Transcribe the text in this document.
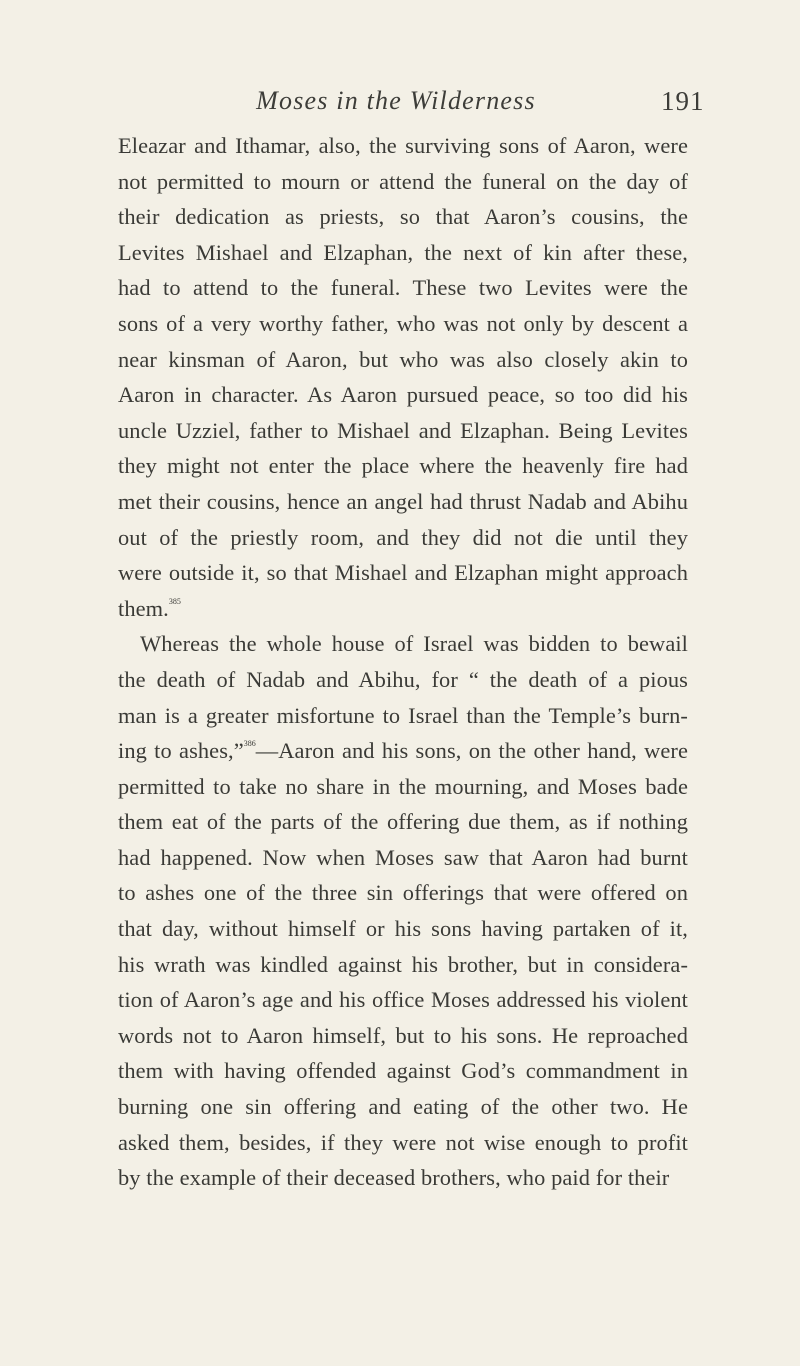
Moses in the Wilderness	191
Eleazar and Ithamar, also, the surviving sons of Aaron, were
not permitted to mourn or attend the funeral on the day of
their dedication as priests, so that Aaron’s cousins, the
Levites Mishael and Elzaphan, the next of kin after these,
had to attend to the funeral. These two Levites were the
sons of a very worthy father, who was not only by descent a
near kinsman of Aaron, but who was also closely akin to
Aaron in character. As Aaron pursued peace, so too did his
uncle Uzziel, father to Mishael and Elzaphan. Being Levites
they might not enter the place where the heavenly fire had
met their cousins, hence an angel had thrust Nadab and Abihu
out of the priestly room, and they did not die until they
were outside it, so that Mishael and Elzaphan might approach
them.$^{385}$
Whereas the whole house of Israel was bidden to bewail
the death of Nadab and Abihu, for “ the death of a pious
man is a greater misfortune to Israel than the Temple’s burn-
ing to ashes,”$^{386}$—Aaron and his sons, on the other hand, were
permitted to take no share in the mourning, and Moses bade
them eat of the parts of the offering due them, as if nothing
had happened. Now when Moses saw that Aaron had burnt
to ashes one of the three sin offerings that were offered on
that day, without himself or his sons having partaken of it,
his wrath was kindled against his brother, but in considera-
tion of Aaron’s age and his office Moses addressed his violent
words not to Aaron himself, but to his sons. He reproached
them with having offended against God’s commandment in
burning one sin offering and eating of the other two. He
asked them, besides, if they were not wise enough to profit
by the example of their deceased brothers, who paid for their
